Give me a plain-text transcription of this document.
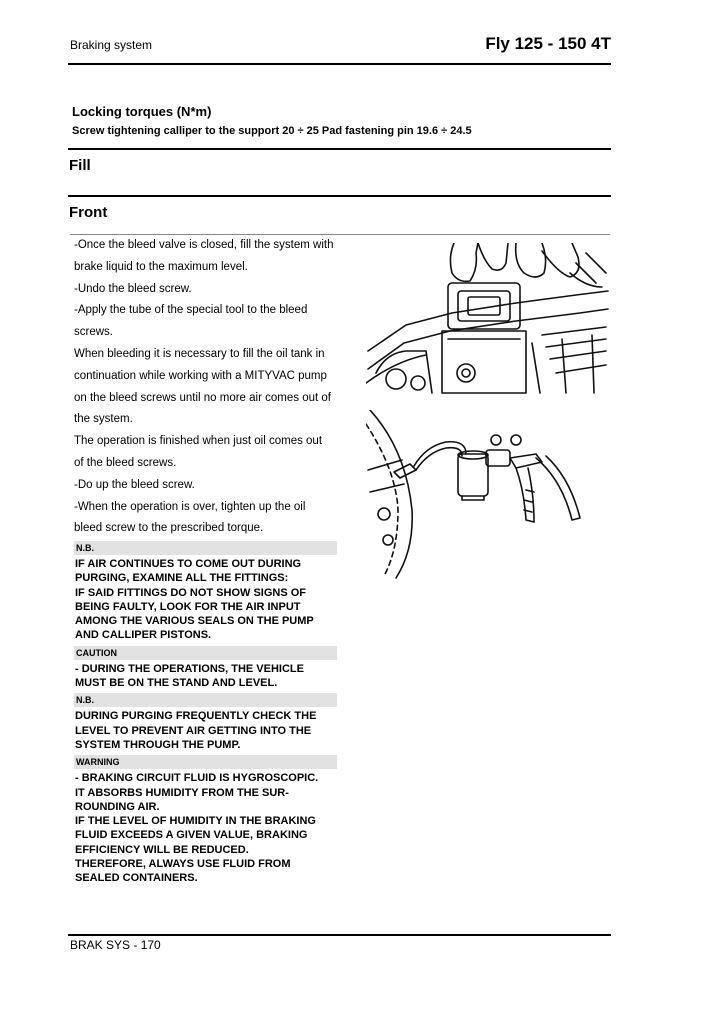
Braking system	Fly 125 - 150 4T
Locking torques (N*m)
Screw tightening calliper to the support 20 ÷ 25 Pad fastening pin 19.6 ÷ 24.5
Fill
Front

-Once the bleed valve is closed, fill the system with

brake liquid to the maximum level.

-Undo the bleed screw.

-Apply the tube of the special tool to the bleed

screws.

When bleeding it is necessary to fill the oil tank in

continuation while working with a MITYVAC pump

on the bleed screws until no more air comes out of

the system.

The operation is finished when just oil comes out

of the bleed screws.

-Do up the bleed screw.

-When the operation is over, tighten up the oil

bleed screw to the prescribed torque.

N.B.
IF AIR CONTINUES TO COME OUT DURING
PURGING, EXAMINE ALL THE FITTINGS:
IF SAID FITTINGS DO NOT SHOW SIGNS OF
BEING FAULTY, LOOK FOR THE AIR INPUT
AMONG THE VARIOUS SEALS ON THE PUMP
AND CALLIPER PISTONS.
CAUTION
- DURING THE OPERATIONS, THE VEHICLE
MUST BE ON THE STAND AND LEVEL.
N.B.
DURING PURGING FREQUENTLY CHECK THE
LEVEL TO PREVENT AIR GETTING INTO THE
SYSTEM THROUGH THE PUMP.
WARNING
- BRAKING CIRCUIT FLUID IS HYGROSCOPIC.
IT ABSORBS HUMIDITY FROM THE SUR-
ROUNDING AIR.
IF THE LEVEL OF HUMIDITY IN THE BRAKING
FLUID EXCEEDS A GIVEN VALUE, BRAKING
EFFICIENCY WILL BE REDUCED.
THEREFORE, ALWAYS USE FLUID FROM
SEALED CONTAINERS.
BRAK SYS - 170
